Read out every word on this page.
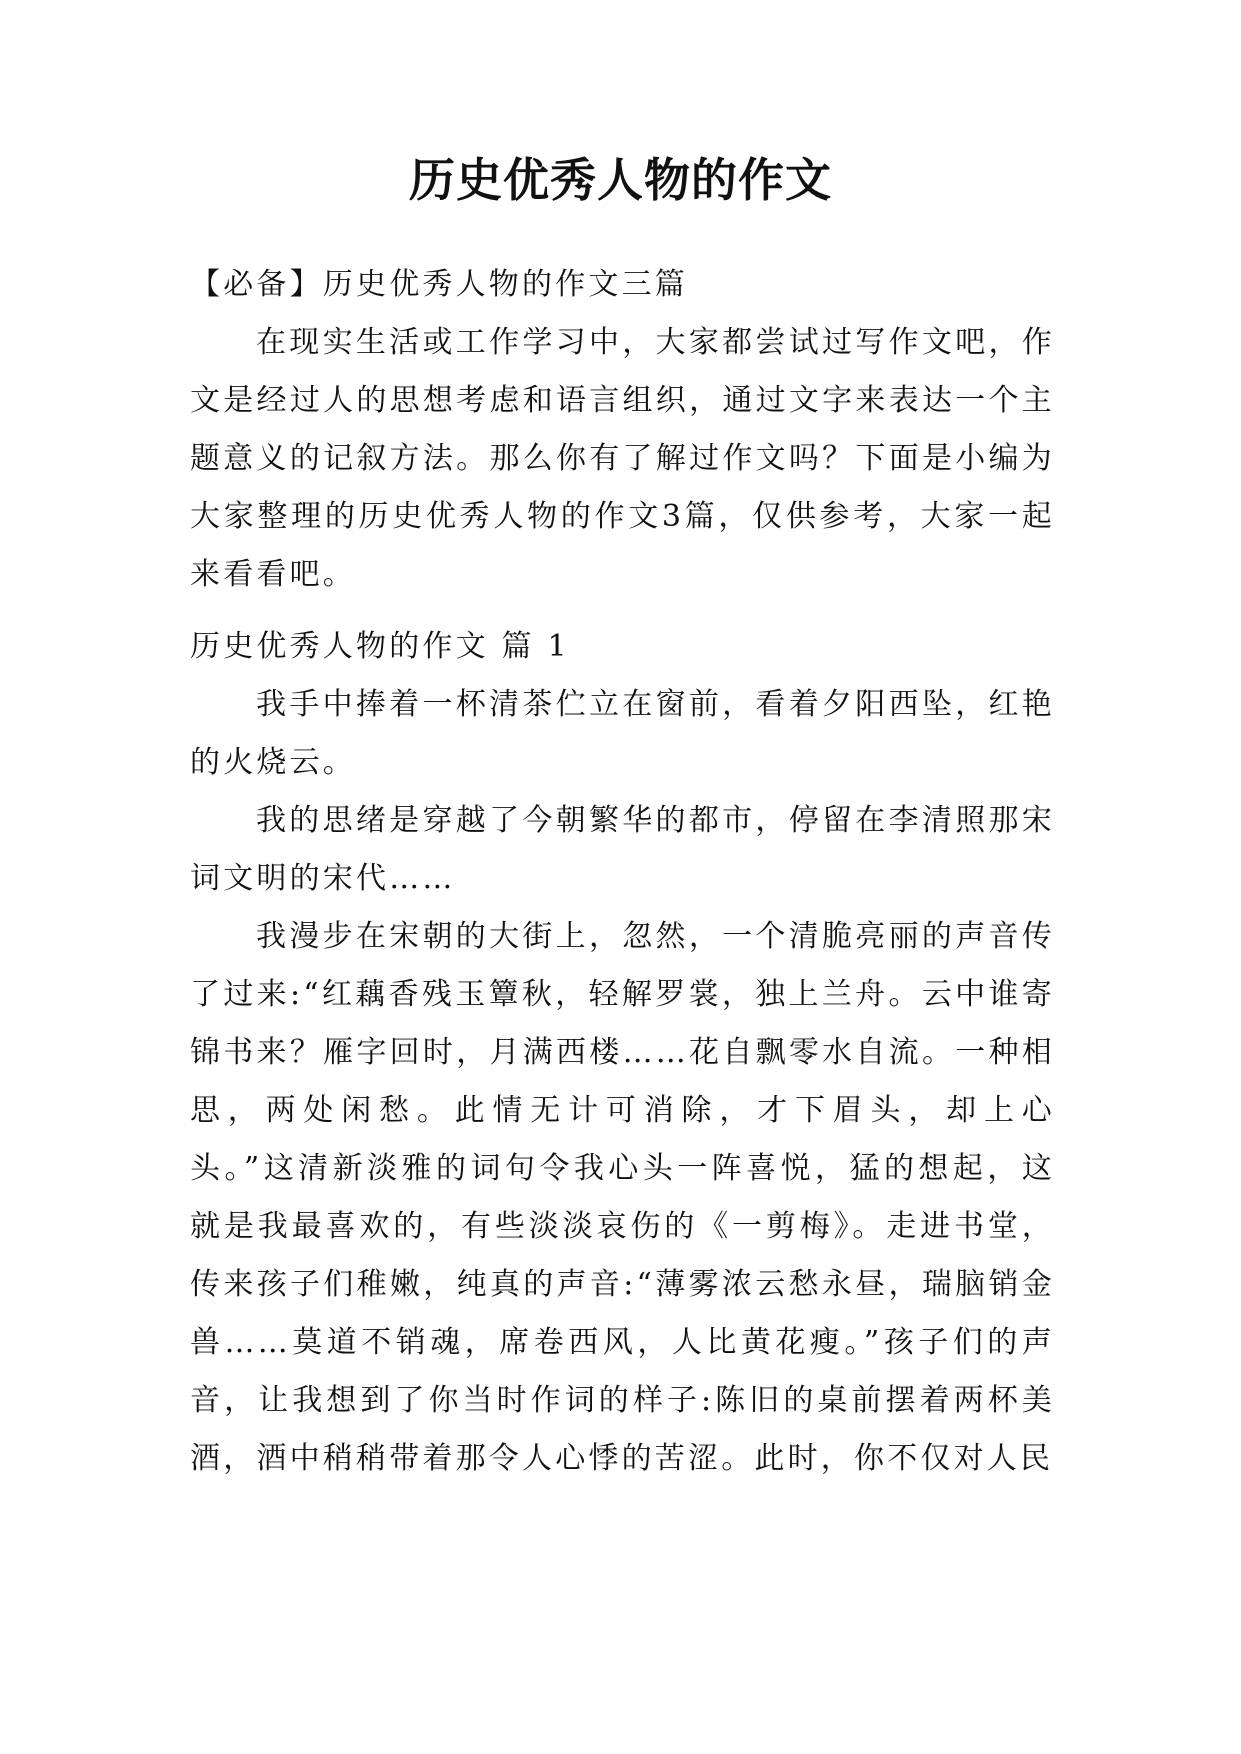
历史优秀人物的作文

【必备】历史优秀人物的作文三篇

在现实生活或工作学习中，大家都尝试过写作文吧，作文是经过人的思想考虑和语言组织，通过文字来表达一个主题意义的记叙方法。那么你有了解过作文吗？下面是小编为大家整理的历史优秀人物的作文3篇，仅供参考，大家一起来看看吧。

历史优秀人物的作文 篇 1

我手中捧着一杯清茶伫立在窗前，看着夕阳西坠，红艳的火烧云。

我的思绪是穿越了今朝繁华的都市，停留在李清照那宋词文明的宋代……

我漫步在宋朝的大街上，忽然，一个清脆亮丽的声音传了过来:“红藕香残玉簟秋，轻解罗裳，独上兰舟。云中谁寄锦书来？雁字回时，月满西楼……花自飘零水自流。一种相思，两处闲愁。此情无计可消除，才下眉头，却上心头。”这清新淡雅的词句令我心头一阵喜悦，猛的想起，这就是我最喜欢的，有些淡淡哀伤的《一剪梅》。走进书堂，传来孩子们稚嫩，纯真的声音:“薄雾浓云愁永昼，瑞脑销金兽……莫道不销魂，席卷西风，人比黄花瘦。”孩子们的声音，让我想到了你当时作词的样子:陈旧的桌前摆着两杯美酒，酒中稍稍带着那令人心悸的苦涩。此时，你不仅对人民
